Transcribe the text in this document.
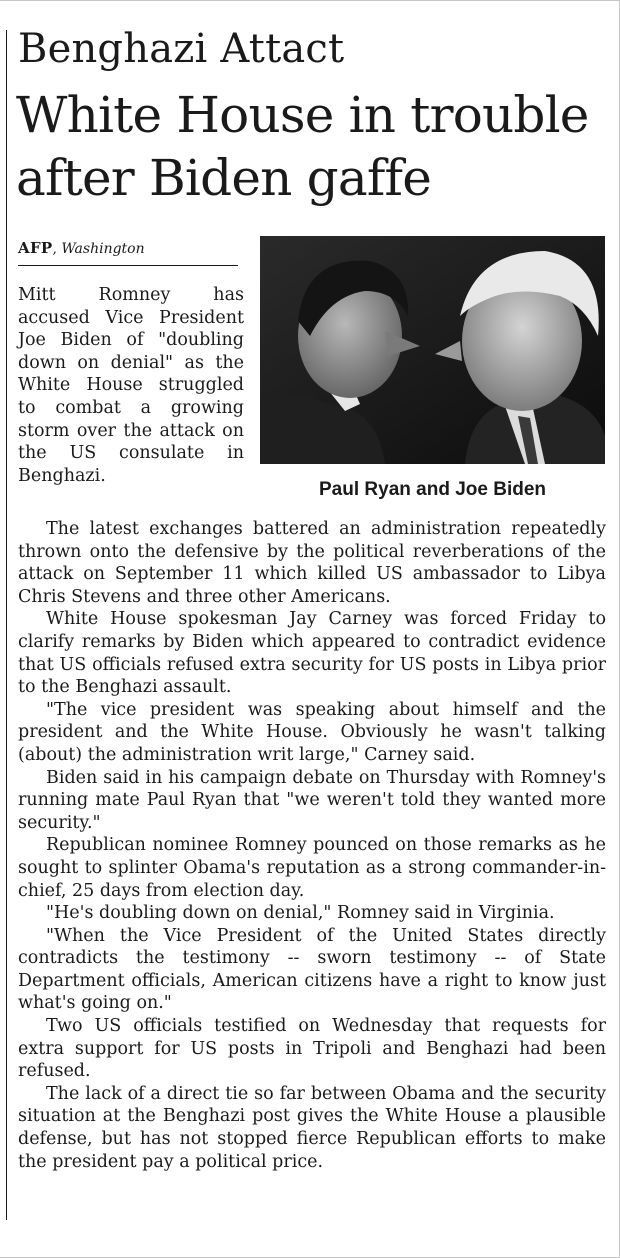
Benghazi Attact
White House in trouble
after Biden gaffe
AFP, Washington

Mitt Romney has accused Vice President Joe Biden of "doubling down on denial" as the White House struggled to combat a growing storm over the attack on the US consulate in Benghazi.

Paul Ryan and Joe Biden

The latest exchanges battered an administration repeatedly thrown onto the defensive by the political reverberations of the attack on September 11 which killed US ambassador to Libya Chris Stevens and three other Americans.

White House spokesman Jay Carney was forced Friday to clarify remarks by Biden which appeared to contradict evidence that US officials refused extra security for US posts in Libya prior to the Benghazi assault.

"The vice president was speaking about himself and the president and the White House. Obviously he wasn't talking (about) the administration writ large," Carney said.

Biden said in his campaign debate on Thursday with Romney's running mate Paul Ryan that "we weren't told they wanted more security."

Republican nominee Romney pounced on those remarks as he sought to splinter Obama's reputation as a strong commander-in-chief, 25 days from election day.

"He's doubling down on denial," Romney said in Virginia.

"When the Vice President of the United States directly contradicts the testimony -- sworn testimony -- of State Department officials, American citizens have a right to know just what's going on."

Two US officials testified on Wednesday that requests for extra support for US posts in Tripoli and Benghazi had been refused.

The lack of a direct tie so far between Obama and the security situation at the Benghazi post gives the White House a plausible defense, but has not stopped fierce Republican efforts to make the president pay a political price.
